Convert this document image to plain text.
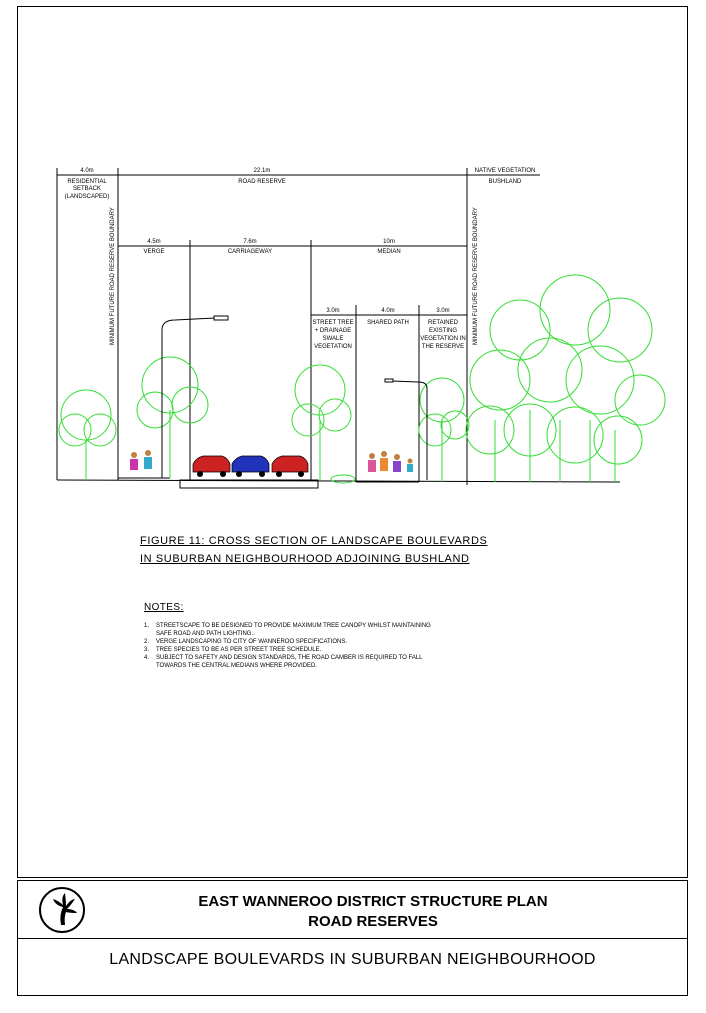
4.0m
RESIDENTIAL
SETBACK
(LANDSCAPED)
22.1m
ROAD RESERVE
NATIVE VEGETATION
BUSHLAND
4.5m
VERGE
7.6m
CARRIAGEWAY
10m
MEDIAN
3.0m
STREET TREE
+ DRAINAGE
SWALE
VEGETATION
4.0m
SHARED PATH
3.0m
RETAINED
EXISTING
VEGETATION IN
THE RESERVE
MINIMUM FUTURE ROAD RESERVE BOUNDARY	MINIMUM FUTURE ROAD RESERVE BOUNDARY
FIGURE 11: CROSS SECTION OF LANDSCAPE BOULEVARDS
IN SUBURBAN NEIGHBOURHOOD ADJOINING BUSHLAND
NOTES:
1. STREETSCAPE TO BE DESIGNED TO PROVIDE MAXIMUM TREE CANOPY WHILST MAINTAINING SAFE ROAD AND PATH LIGHTING..
2. VERGE LANDSCAPING TO CITY OF WANNEROO SPECIFICATIONS.
3. TREE SPECIES TO BE AS PER STREET TREE SCHEDULE.
4. SUBJECT TO SAFETY AND DESIGN STANDARDS, THE ROAD CAMBER IS REQUIRED TO FALL TOWARDS THE CENTRAL MEDIANS WHERE PROVIDED.
EAST WANNEROO DISTRICT STRUCTURE PLAN
ROAD RESERVES
LANDSCAPE BOULEVARDS IN SUBURBAN NEIGHBOURHOOD
